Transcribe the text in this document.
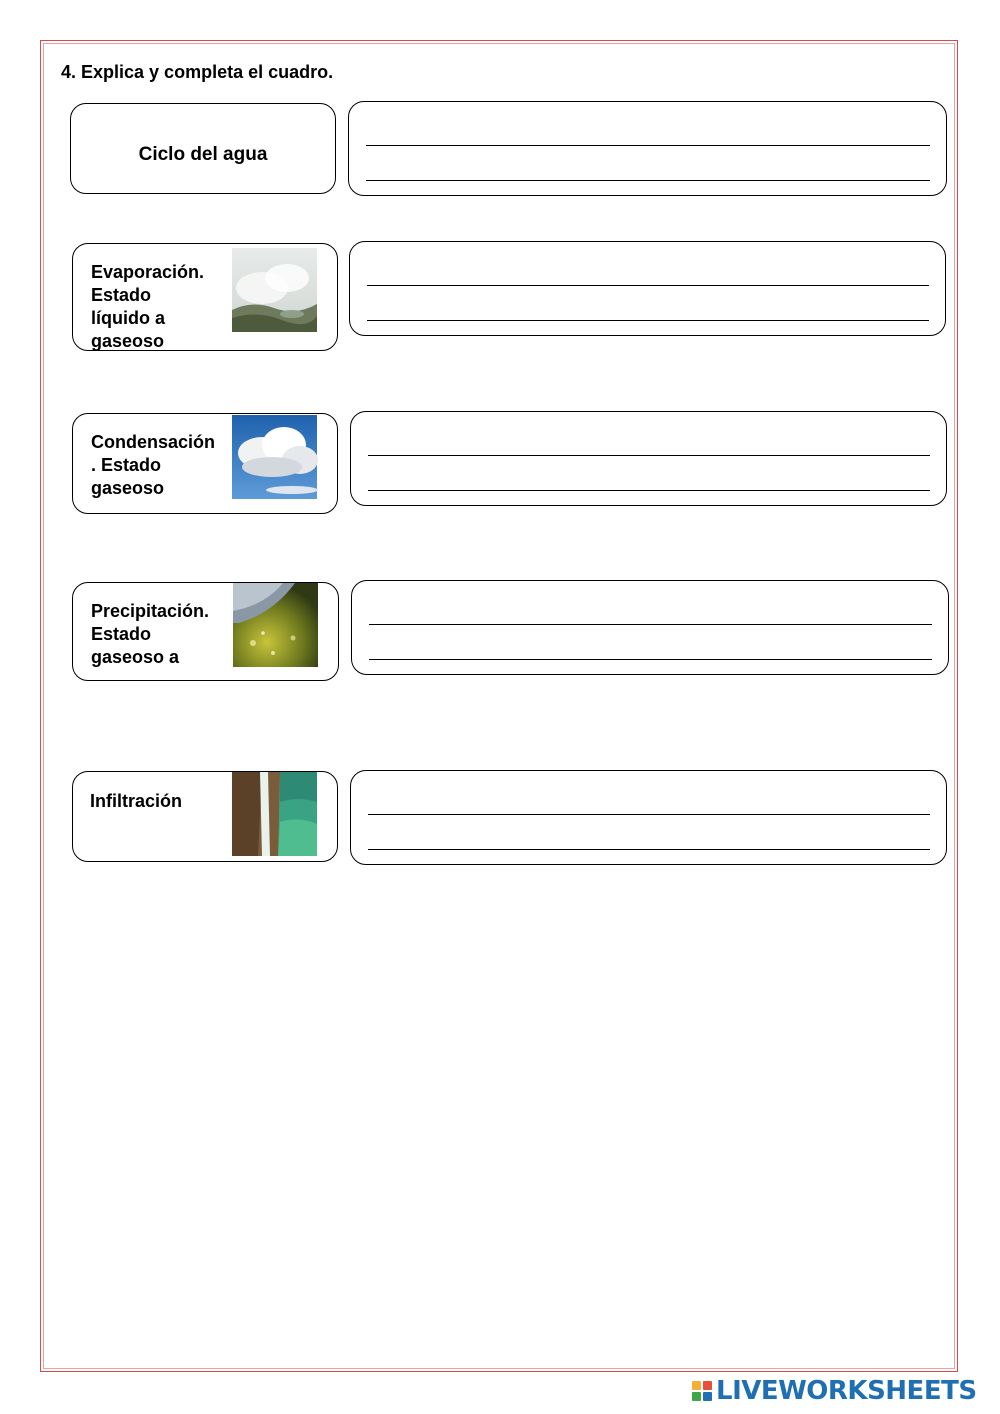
4. Explica y completa el cuadro.
Ciclo del agua
Evaporación.
Estado
líquido a
gaseoso
Condensación
. Estado
gaseoso
Precipitación.
Estado
gaseoso a
Infiltración
LIVEWORKSHEETS
